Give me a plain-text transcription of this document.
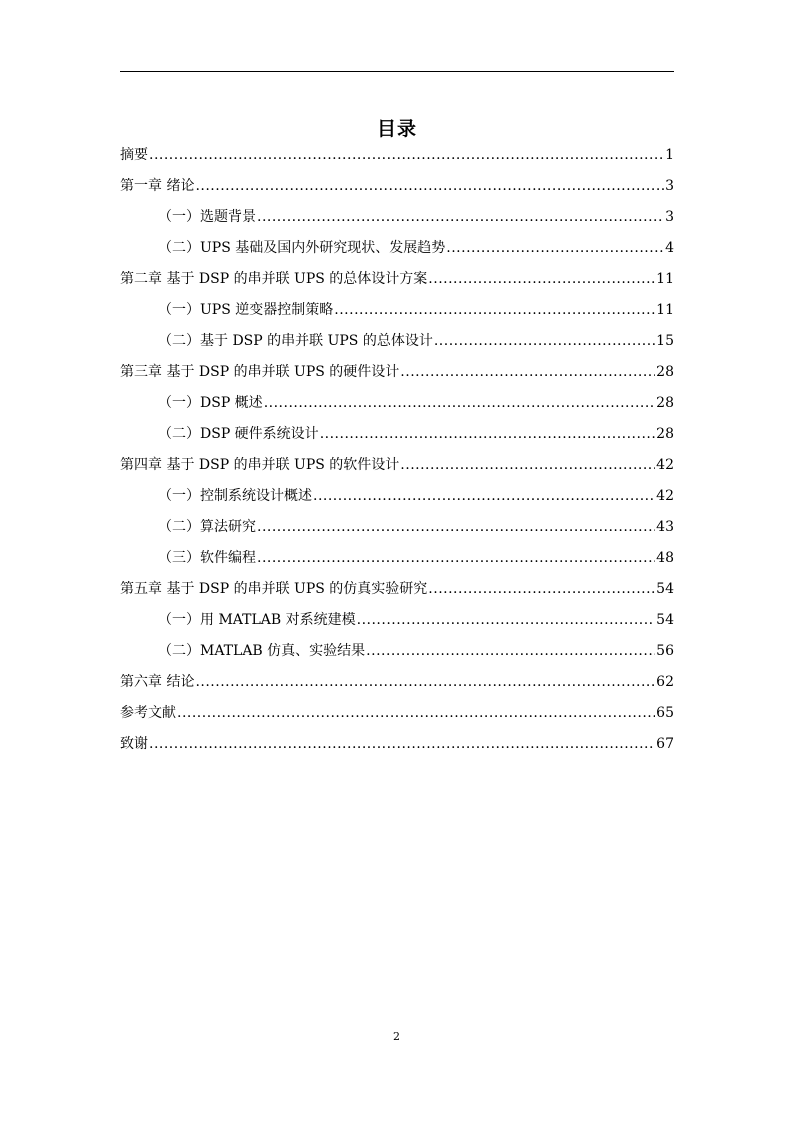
目录
摘要 .....	1
第一章 绪论 .....	3
（一）选题背景 .....	3
（二）UPS 基础及国内外研究现状、发展趋势 .....	4
第二章 基于 DSP 的串并联 UPS 的总体设计方案 .....	11
（一）UPS 逆变器控制策略 .....	11
（二）基于 DSP 的串并联 UPS 的总体设计 .....	15
第三章 基于 DSP 的串并联 UPS 的硬件设计 .....	28
（一）DSP 概述 .....	28
（二）DSP 硬件系统设计 .....	28
第四章 基于 DSP 的串并联 UPS 的软件设计 .....	42
（一）控制系统设计概述 .....	42
（二）算法研究 .....	43
（三）软件编程 .....	48
第五章 基于 DSP 的串并联 UPS 的仿真实验研究 .....	54
（一）用 MATLAB 对系统建模 .....	54
（二）MATLAB 仿真、实验结果 .....	56
第六章 结论 .....	62
参考文献 .....	65
致谢 .....	67
2
